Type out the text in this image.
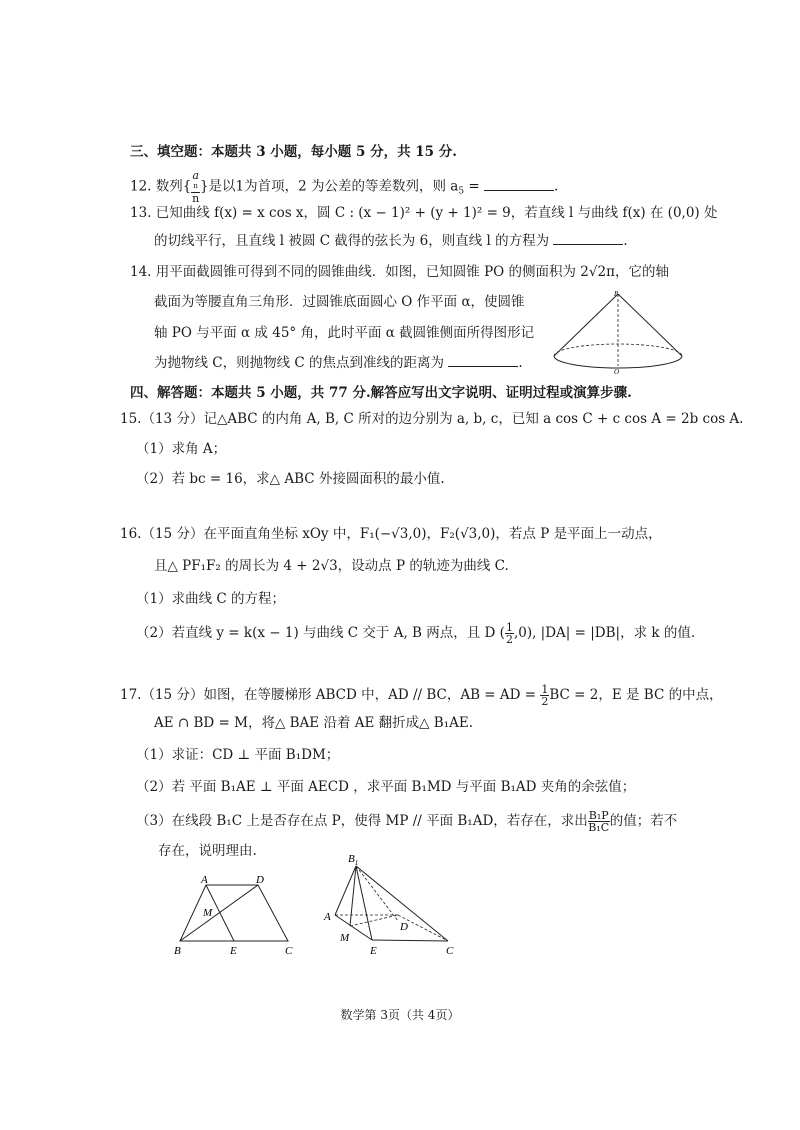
三、填空题：本题共 3 小题，每小题 5 分，共 15 分.
12. 数列{ a
n
n }是以1为首项，2 为公差的等差数列，则 $a_5$ =	.
13. 已知曲线 f(x) = x cos x，圆 C : (x − 1)² + (y + 1)² = 9，若直线 l 与曲线 f(x) 在 (0,0) 处
的切线平行，且直线 l 被圆 C 截得的弦长为 6，则直线 l 的方程为	.
14. 用平面截圆锥可得到不同的圆锥曲线．如图，已知圆锥 PO 的侧面积为 2√2π，它的轴
截面为等腰直角三角形．过圆锥底面圆心 O 作平面 α，使圆锥
轴 PO 与平面 α 成 45° 角，此时平面 α 截圆锥侧面所得图形记
为抛物线 C，则抛物线 C 的焦点到准线的距离为	.
P
O
四、解答题：本题共 5 小题，共 77 分.解答应写出文字说明、证明过程或演算步骤.
15.（13 分）记△ABC 的内角 A, B, C 所对的边分别为 a, b, c，已知 a cos C + c cos A = 2b cos A.
（1）求角 A；
（2）若 bc = 16，求△ ABC 外接圆面积的最小值.
16.（15 分）在平面直角坐标 xOy 中，F₁(−√3,0)，F₂(√3,0)，若点 P 是平面上一动点，
且△ PF₁F₂ 的周长为 4 + 2√3，设动点 P 的轨迹为曲线 C.
（1）求曲线 C 的方程；
（2）若直线 y = k(x − 1) 与曲线 C 交于 A, B 两点，且 D ( $\frac{1}{2} ,0$), |DA| = |DB|，求 k 的值.
17.（15 分）如图，在等腰梯形 ABCD 中，AD // BC，AB = AD = $\frac{1}{2}$ BC = 2，E 是 BC 的中点，
AE ∩ BD = M，将△ BAE 沿着 AE 翻折成△ B₁AE.
（1）求证：CD ⊥ 平面 B₁DM；
（2）若 平面 B₁AE ⊥ 平面 AECD ，求平面 B₁MD 与平面 B₁AD 夹角的余弦值；
（3）在线段 B₁C 上是否存在点 P，使得 MP // 平面 B₁AD，若存在，求出 $\frac{\text{B₁P}}{\text{B₁C}}$ 的值；若不
存在，说明理由.
A	D
M
B	E	C
$B_1$
A
D
M
E	C
数学第 3页（共 4页）
